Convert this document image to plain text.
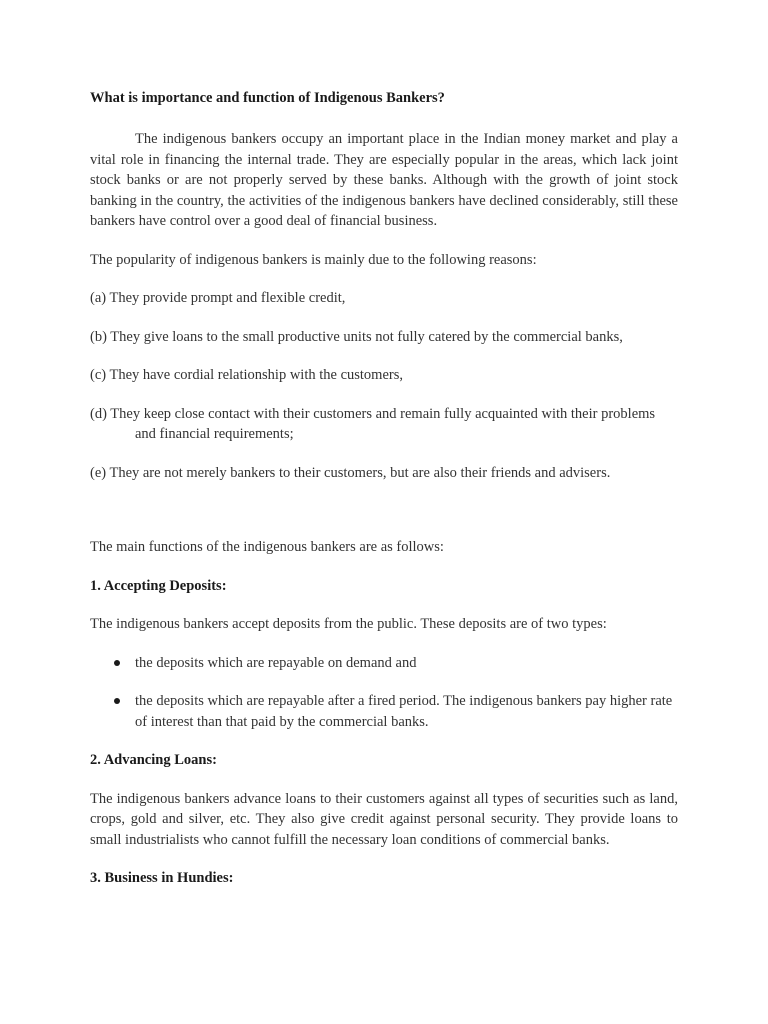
What is importance and function of Indigenous Bankers?

The indigenous bankers occupy an important place in the Indian money market and play a vital role in financing the internal trade. They are especially popular in the areas, which lack joint stock banks or are not properly served by these banks. Although with the growth of joint stock banking in the country, the activities of the indigenous bankers have declined considerably, still these bankers have control over a good deal of financial business.

The popularity of indigenous bankers is mainly due to the following reasons:

(a) They provide prompt and flexible credit,

(b) They give loans to the small productive units not fully catered by the commercial banks,

(c) They have cordial relationship with the customers,

(d) They keep close contact with their customers and remain fully acquainted with their problems and financial requirements;

(e) They are not merely bankers to their customers, but are also their friends and advisers.

The main functions of the indigenous bankers are as follows:

1. Accepting Deposits:

The indigenous bankers accept deposits from the public. These deposits are of two types:

the deposits which are repayable on demand and
the deposits which are repayable after a fired period. The indigenous bankers pay higher rate of interest than that paid by the commercial banks.

2. Advancing Loans:

The indigenous bankers advance loans to their customers against all types of securities such as land, crops, gold and silver, etc. They also give credit against personal security. They provide loans to small industrialists who cannot fulfill the necessary loan conditions of commercial banks.

3. Business in Hundies:
